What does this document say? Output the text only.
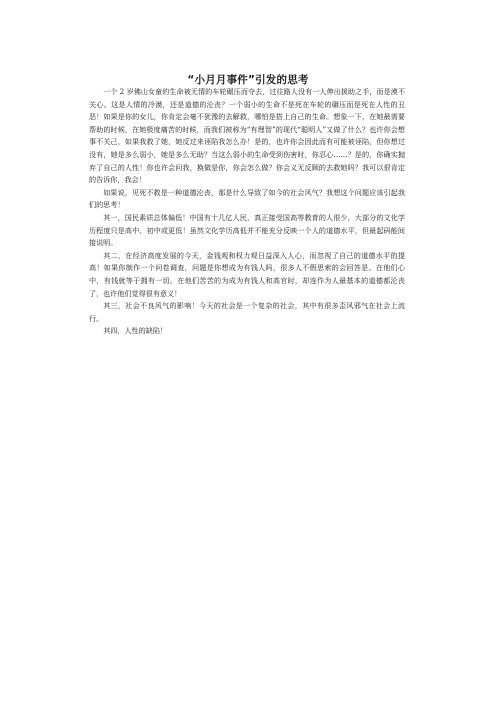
“小月月事件”引发的思考

一个 2 岁佛山女童的生命被无情的车轮碾压而夺去，过往路人没有一人伸出援助之手，而是漠不关心。这是人情的冷漠，还是道德的沦丧？一个弱小的生命不是死在车轮的碾压而是死在人性的丑恶！如果是你的女儿，你肯定会毫不犹豫的去解救，哪怕是搭上自己的生命。想象一下，在她最需要帮助的时候，在她极度痛苦的时候，而我们被称为“有理智”的现代“聪明人”又做了什么？也许你会想事不关己，如果我救了她，她反过来诬陷我怎么办！是的，也许你会因此而有可能被诬陷，但你想过没有，她是多么弱小，她是多么无助？当这么弱小的生命受到伤害时，你忍心……？是的，你确实抛弃了自己的人性！你也许会问我，换做是你，你会怎么做？你会义无反顾的去救她吗？我可以很肯定的告诉你，我会！

如果说，见死不救是一种道德沦丧，那是什么导致了如今的社会风气？我想这个问题应该引起我们的思考！

其一，国民素质总体偏低！中国有十几亿人民，真正接受国高等教育的人很少，大部分的文化学历程度只是高中、初中或更低！虽然文化学历高低并不能充分反映一个人的道德水平，但最起码能间接说明。

其二，在经济高度发展的今天，金钱观和权力观日益深入人心，而忽视了自己的道德水平的提高！如果你制作一个问卷调查，问题是你想成为有钱人吗，很多人不假思索的会回答是。在他们心中，有钱就等于拥有一切。在他们苦苦的为成为有钱人和高官时，却连作为人最基本的道德都沦丧了，也许他们觉得很有意义！

其三，社会不良风气的影响！今天的社会是一个复杂的社会，其中有很多歪风邪气在社会上流行。

其四，人性的缺陷！
